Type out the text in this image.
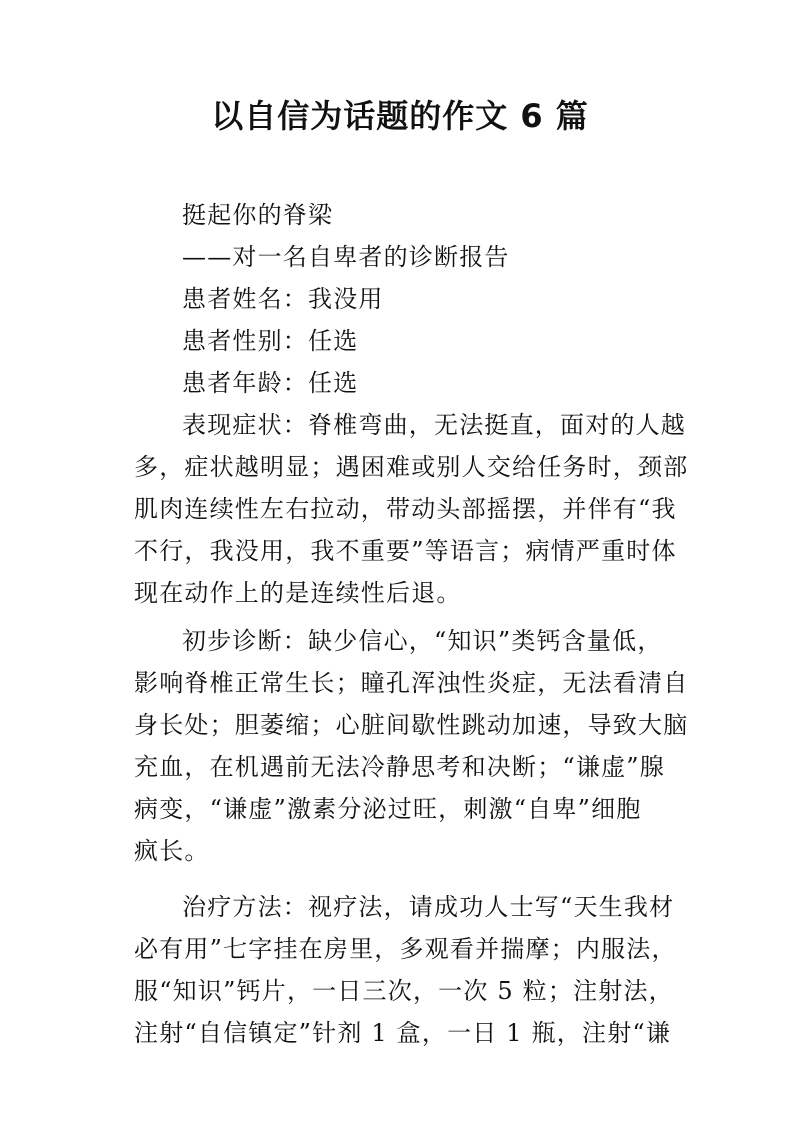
以自信为话题的作文 6 篇
挺起你的脊梁
——对一名自卑者的诊断报告
患者姓名：我没用
患者性别：任选
患者年龄：任选
表现症状：脊椎弯曲，无法挺直，面对的人越
多，症状越明显；遇困难或别人交给任务时，颈部
肌肉连续性左右拉动，带动头部摇摆，并伴有“我
不行，我没用，我不重要”等语言；病情严重时体
现在动作上的是连续性后退。
初步诊断：缺少信心，“知识”类钙含量低，
影响脊椎正常生长；瞳孔浑浊性炎症，无法看清自
身长处；胆萎缩；心脏间歇性跳动加速，导致大脑
充血，在机遇前无法冷静思考和决断；“谦虚”腺
病变，“谦虚”激素分泌过旺，刺激“自卑”细胞
疯长。
治疗方法：视疗法，请成功人士写“天生我材
必有用”七字挂在房里，多观看并揣摩；内服法，
服“知识”钙片，一日三次，一次 5 粒；注射法，
注射“自信镇定”针剂 1 盒，一日 1 瓶，注射“谦
